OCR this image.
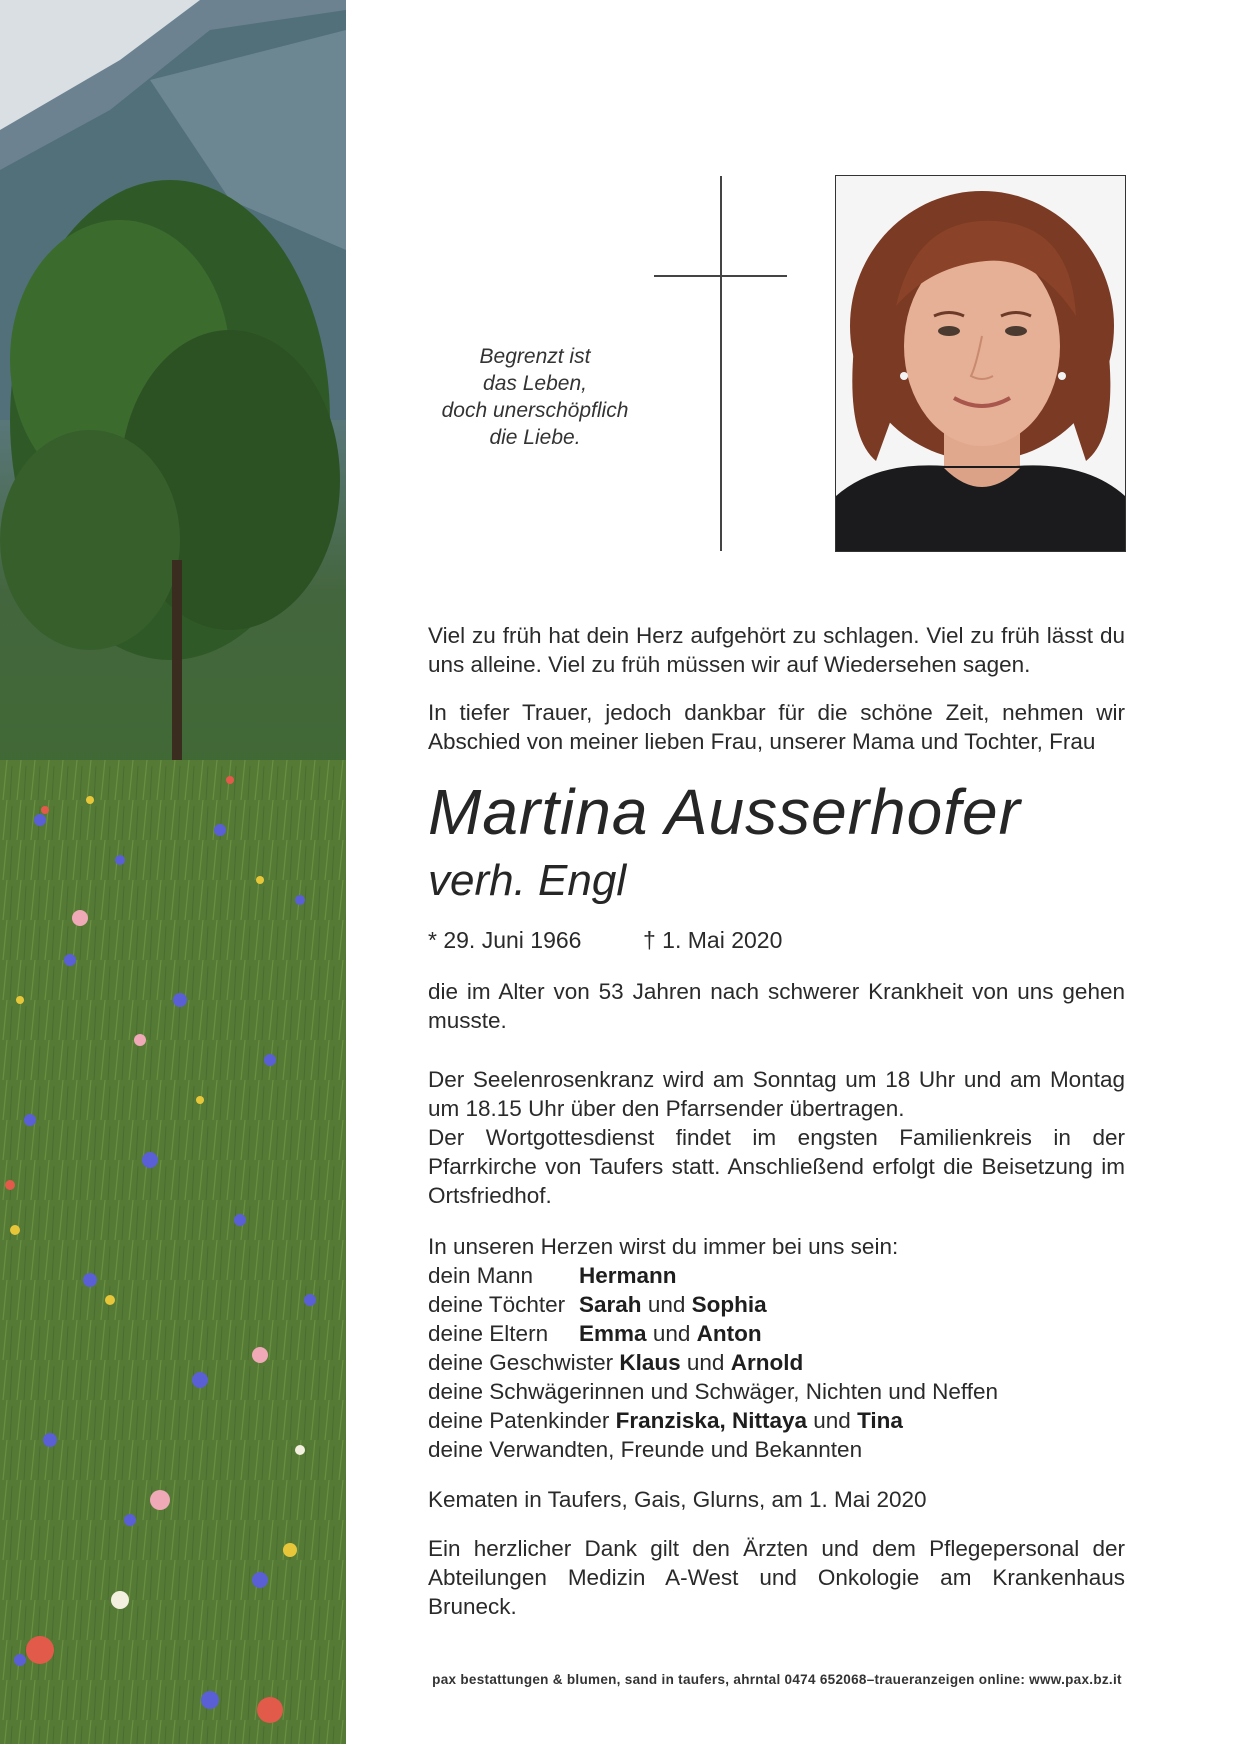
Begrenzt ist
das Leben,
doch unerschöpflich
die Liebe.
Viel zu früh hat dein Herz aufgehört zu schlagen. Viel zu früh lässt du uns alleine. Viel zu früh müssen wir auf Wiedersehen sagen.
In tiefer Trauer, jedoch dankbar für die schöne Zeit, nehmen wir Abschied von meiner lieben Frau, unserer Mama und Tochter, Frau
Martina Ausserhofer
verh. Engl
* 29. Juni 1966	† 1. Mai 2020
die im Alter von 53 Jahren nach schwerer Krankheit von uns gehen musste.
Der Seelenrosenkranz wird am Sonntag um 18 Uhr und am Montag um 18.15 Uhr über den Pfarrsender übertragen.
Der Wortgottesdienst findet im engsten Familienkreis in der Pfarrkirche von Taufers statt. Anschließend erfolgt die Beisetzung im Ortsfriedhof.
In unseren Herzen wirst du immer bei uns sein:
dein Mann Hermann
deine Töchter Sarah und Sophia
deine Eltern Emma und Anton
deine Geschwister Klaus und Arnold
deine Schwägerinnen und Schwäger, Nichten und Neffen
deine Patenkinder Franziska, Nittaya und Tina
deine Verwandten, Freunde und Bekannten
Kematen in Taufers, Gais, Glurns, am 1. Mai 2020
Ein herzlicher Dank gilt den Ärzten und dem Pflegepersonal der Abteilungen Medizin A-West und Onkologie am Krankenhaus Bruneck.
pax bestattungen & blumen, sand in taufers, ahrntal 0474 652068–traueranzeigen online: www.pax.bz.it
